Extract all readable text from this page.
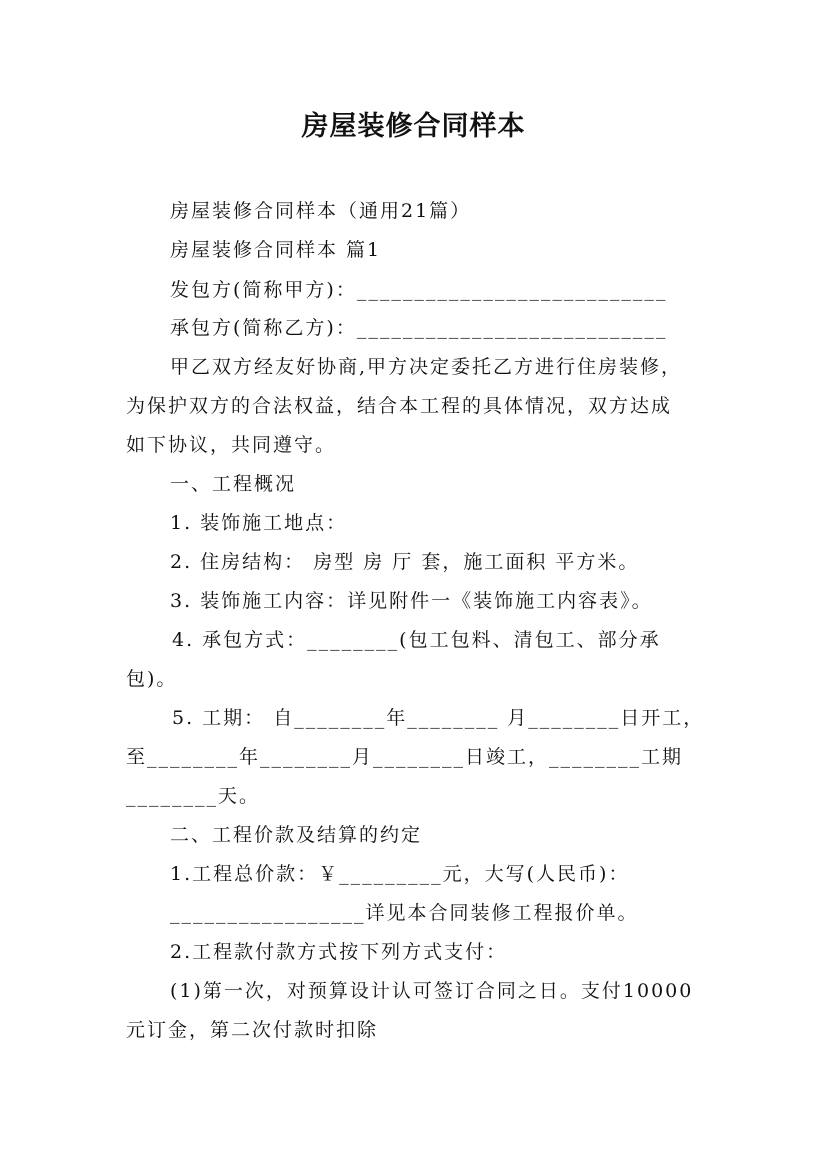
房屋装修合同样本
房屋装修合同样本（通用21篇）
房屋装修合同样本 篇1
发包方(简称甲方)：___________________________
承包方(简称乙方)：___________________________
甲乙双方经友好协商,甲方决定委托乙方进行住房装修，
为保护双方的合法权益，结合本工程的具体情况，双方达成
如下协议，共同遵守。
一、工程概况
1. 装饰施工地点：
2. 住房结构： 房型 房 厅 套，施工面积 平方米。
3. 装饰施工内容：详见附件一《装饰施工内容表》。
4. 承包方式：________(包工包料、清包工、部分承
包)。
5. 工期： 自________年________ 月________日开工，
至________年________月________日竣工，________工期
________天。
二、工程价款及结算的约定
1.工程总价款：￥_________元，大写(人民币)：
_________________详见本合同装修工程报价单。
2.工程款付款方式按下列方式支付：
(1)第一次，对预算设计认可签订合同之日。支付10000
元订金，第二次付款时扣除
